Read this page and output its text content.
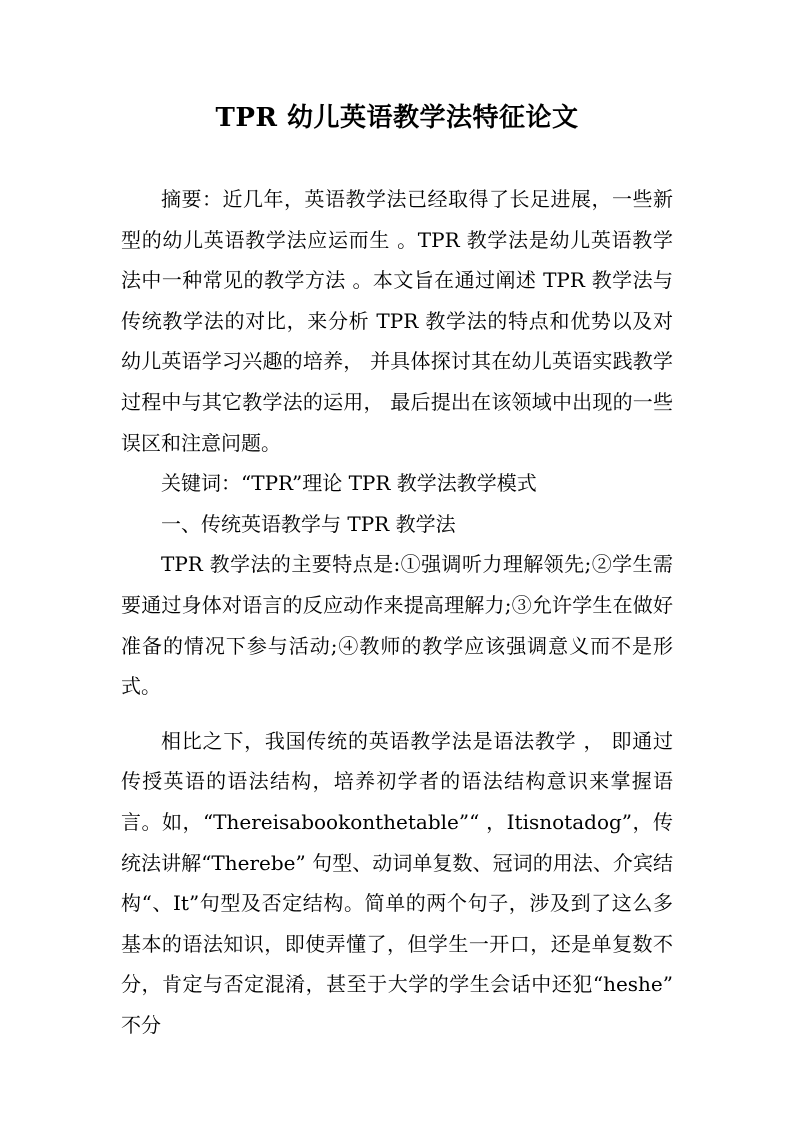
TPR 幼儿英语教学法特征论文

摘要：近几年，英语教学法已经取得了长足进展，一些新型的幼儿英语教学法应运而生 。TPR 教学法是幼儿英语教学法中一种常见的教学方法 。本文旨在通过阐述 TPR 教学法与传统教学法的对比，来分析 TPR 教学法的特点和优势以及对幼儿英语学习兴趣的培养， 并具体探讨其在幼儿英语实践教学过程中与其它教学法的运用， 最后提出在该领域中出现的一些误区和注意问题。

关键词：“TPR”理论 TPR 教学法教学模式

一、传统英语教学与 TPR 教学法

TPR 教学法的主要特点是:①强调听力理解领先;②学生需要通过身体对语言的反应动作来提高理解力;③允许学生在做好准备的情况下参与活动;④教师的教学应该强调意义而不是形式。

相比之下，我国传统的英语教学法是语法教学 ， 即通过传授英语的语法结构，培养初学者的语法结构意识来掌握语言。如，“Thereisabookonthetable”“ ，Itisnotadog”，传统法讲解“Therebe” 句型、动词单复数、冠词的用法、介宾结构“、It”句型及否定结构。简单的两个句子，涉及到了这么多基本的语法知识，即使弄懂了，但学生一开口，还是单复数不分，肯定与否定混淆，甚至于大学的学生会话中还犯“heshe” 不分
